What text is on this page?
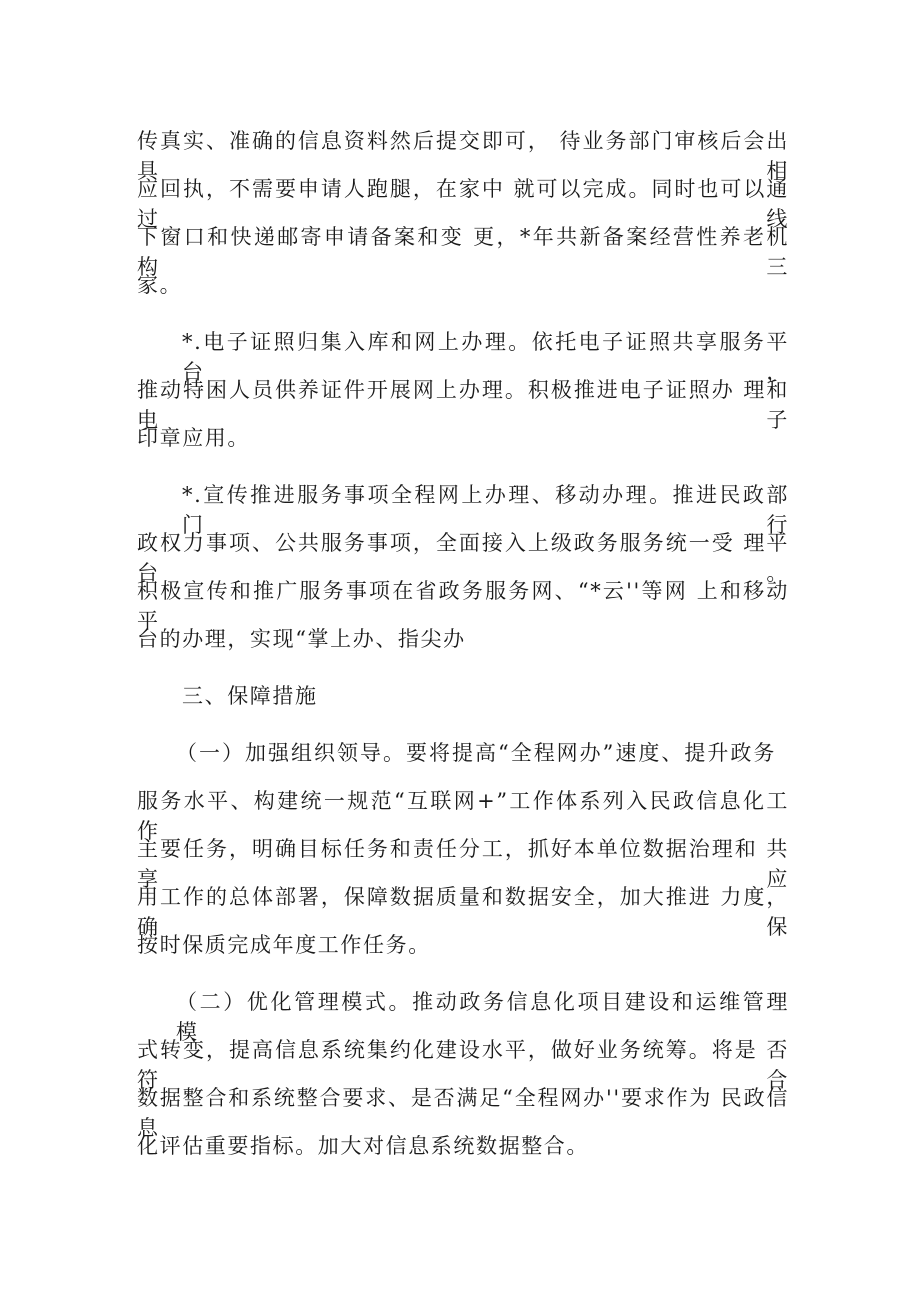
传真实、准确的信息资料然后提交即可， 待业务部门审核后会出具相
应回执，不需要申请人跑腿，在家中 就可以完成。同时也可以通过线
下窗口和快递邮寄申请备案和变 更，*年共新备案经营性养老机构三
家。
*.电子证照归集入库和网上办理。依托电子证照共享服务平 台，
推动特困人员供养证件开展网上办理。积极推进电子证照办 理和电子
印章应用。
*.宣传推进服务事项全程网上办理、移动办理。推进民政部 门行
政权力事项、公共服务事项，全面接入上级政务服务统一受 理平台。
积极宣传和推广服务事项在省政务服务网、“*云''等网 上和移动平
台的办理，实现“掌上办、指尖办
三、保障措施
（一）加强组织领导。要将提高“全程网办”速度、提升政务
服务水平、构建统一规范“互联网+”工作体系列入民政信息化工 作
主要任务，明确目标任务和责任分工，抓好本单位数据治理和 共享应
用工作的总体部署，保障数据质量和数据安全，加大推进 力度，确保
按时保质完成年度工作任务。
（二）优化管理模式。推动政务信息化项目建设和运维管理 模
式转变，提高信息系统集约化建设水平，做好业务统筹。将是 否符合
数据整合和系统整合要求、是否满足“全程网办''要求作为 民政信息
化评估重要指标。加大对信息系统数据整合。
